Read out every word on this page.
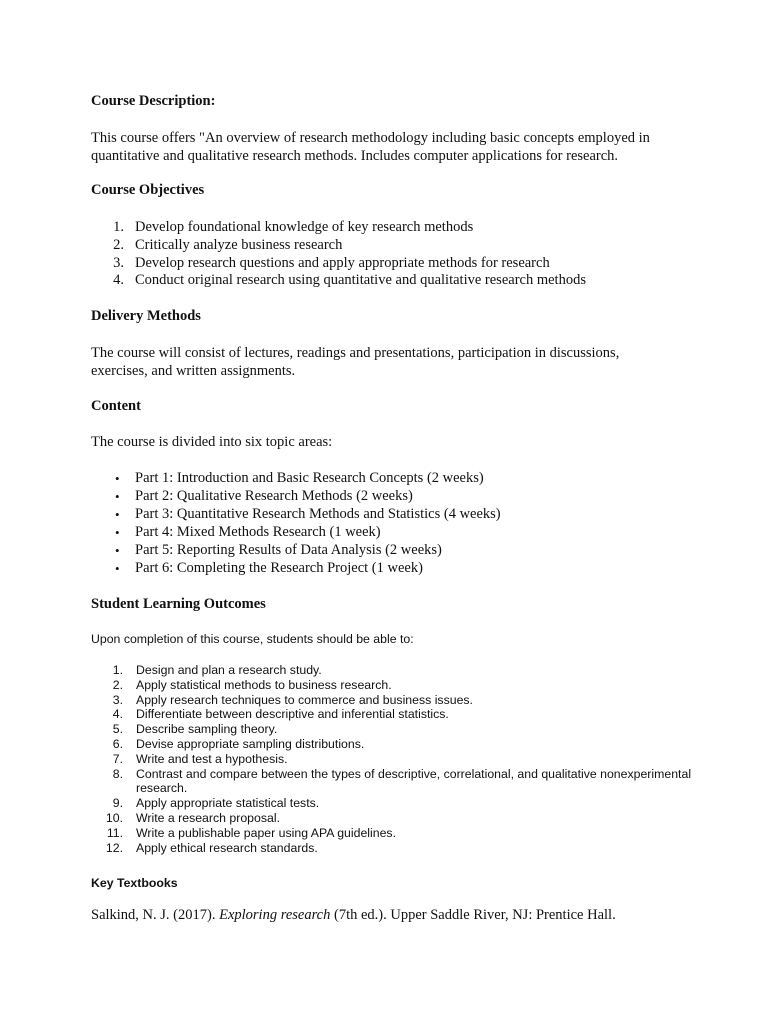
Course Description:

This course offers "An overview of research methodology including basic concepts employed in quantitative and qualitative research methods. Includes computer applications for research.

Course Objectives

1. Develop foundational knowledge of key research methods
2. Critically analyze business research
3. Develop research questions and apply appropriate methods for research
4. Conduct original research using quantitative and qualitative research methods

Delivery Methods

The course will consist of lectures, readings and presentations, participation in discussions, exercises, and written assignments.

Content

The course is divided into six topic areas:

• Part 1: Introduction and Basic Research Concepts (2 weeks)
• Part 2: Qualitative Research Methods (2 weeks)
• Part 3: Quantitative Research Methods and Statistics (4 weeks)
• Part 4: Mixed Methods Research (1 week)
• Part 5: Reporting Results of Data Analysis (2 weeks)
• Part 6: Completing the Research Project (1 week)

Student Learning Outcomes

Upon completion of this course, students should be able to:

1. Design and plan a research study.
2. Apply statistical methods to business research.
3. Apply research techniques to commerce and business issues.
4. Differentiate between descriptive and inferential statistics.
5. Describe sampling theory.
6. Devise appropriate sampling distributions.
7. Write and test a hypothesis.
8. Contrast and compare between the types of descriptive, correlational, and qualitative nonexperimental research.
9. Apply appropriate statistical tests.
10. Write a research proposal.
11. Write a publishable paper using APA guidelines.
12. Apply ethical research standards.

Key Textbooks

Salkind, N. J. (2017). Exploring research (7th ed.). Upper Saddle River, NJ: Prentice Hall.
